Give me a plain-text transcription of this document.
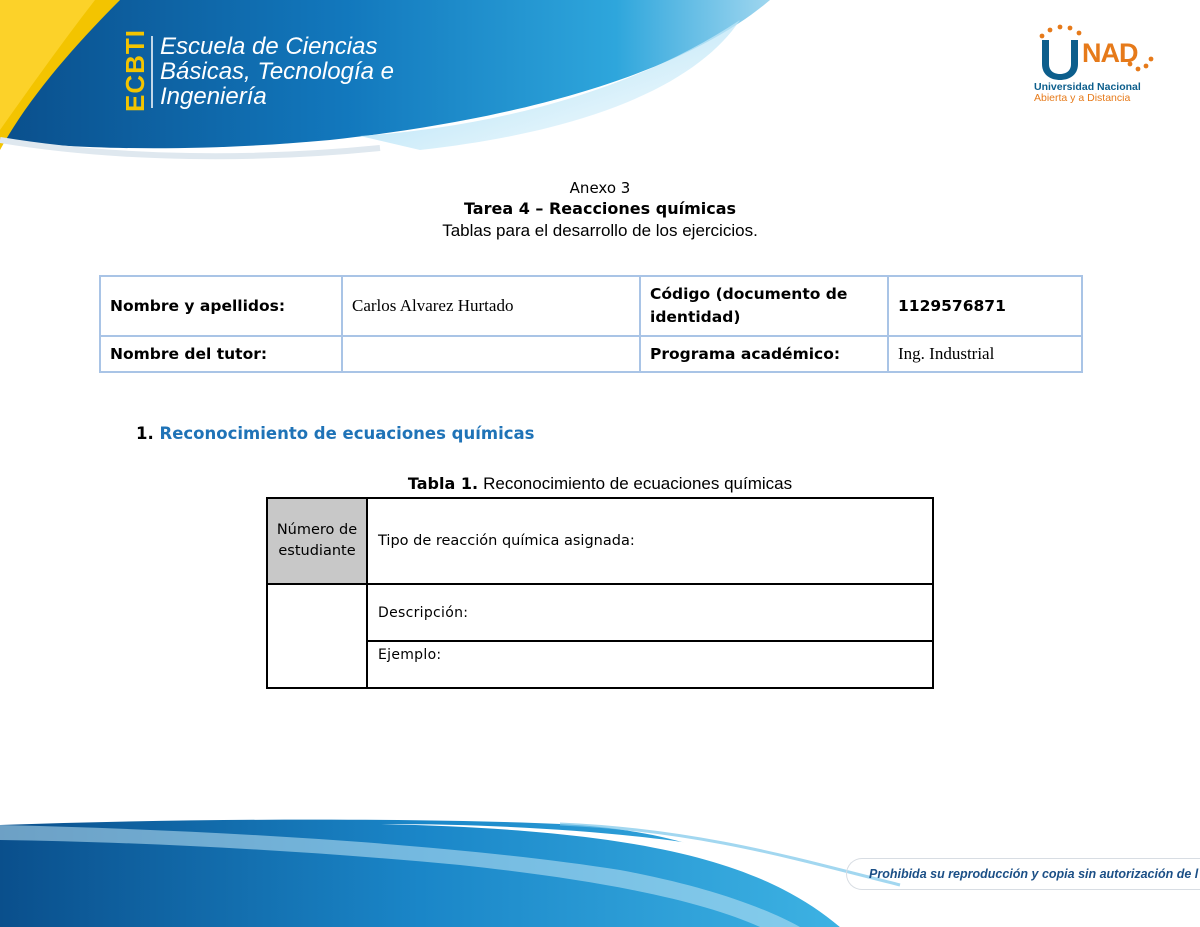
ECBTI Escuela de Ciencias
Básicas, Tecnología e
Ingeniería
NAD
Universidad Nacional
Abierta y a Distancia
Anexo 3
Tarea 4 – Reacciones químicas
Tablas para el desarrollo de los ejercicios.
Nombre y apellidos:	Carlos Alvarez Hurtado	Código (documento de identidad)	1129576871
Nombre del tutor:		Programa académico:	Ing. Industrial
1. Reconocimiento de ecuaciones químicas
Tabla 1. Reconocimiento de ecuaciones químicas
Número de estudiante	Tipo de reacción química asignada:
	Descripción:
	Ejemplo:
Prohibida su reproducción y copia sin autorización de l
